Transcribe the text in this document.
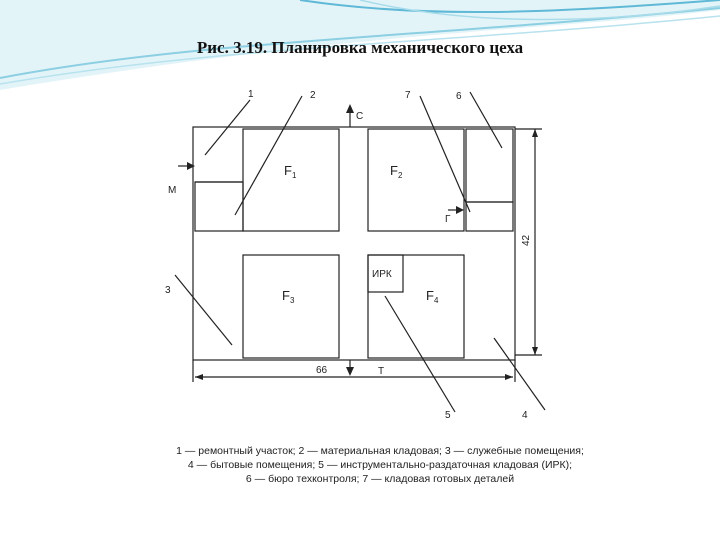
Рис. 3.19. Планировка механического цеха
$F_1$	$F_2$
$F_3$	$F_4$
ИРК
С
Т
М
Г
66
42
1	2
3
4
5
6
7
1 — ремонтный участок; 2 — материальная кладовая; 3 — служебные помещения;
4 — бытовые помещения; 5 — инструментально-раздаточная кладовая (ИРК);
6 — бюро техконтроля; 7 — кладовая готовых деталей
